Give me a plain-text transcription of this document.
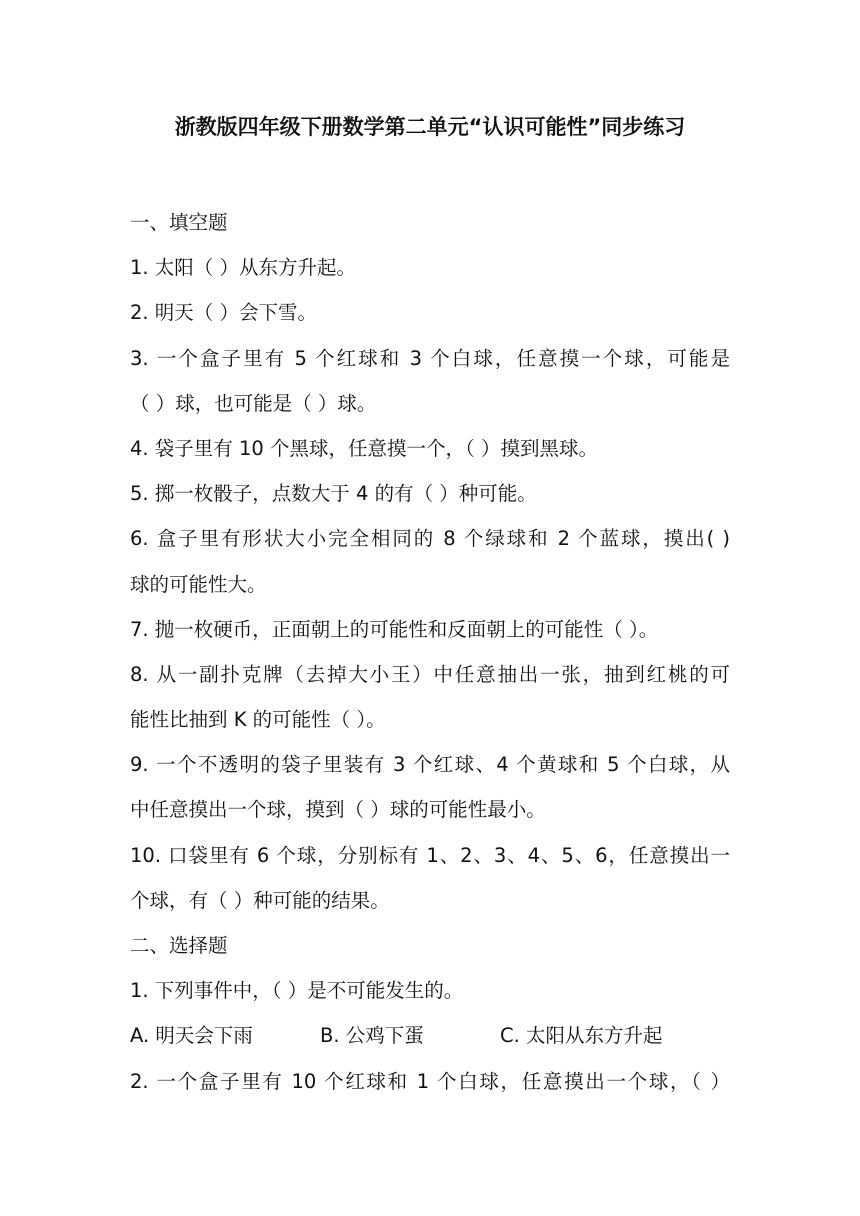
浙教版四年级下册数学第二单元“认识可能性”同步练习
一、填空题
1. 太阳（ ）从东方升起。
2. 明天（ ）会下雪。
3. 一个盒子里有 5 个红球和 3 个白球，任意摸一个球，可能是
（ ）球，也可能是（ ）球。
4. 袋子里有 10 个黑球，任意摸一个，（ ）摸到黑球。
5. 掷一枚骰子，点数大于 4 的有（ ）种可能。
6. 盒子里有形状大小完全相同的 8 个绿球和 2 个蓝球，摸出( )
球的可能性大。
7. 抛一枚硬币，正面朝上的可能性和反面朝上的可能性（ ）。
8. 从一副扑克牌（去掉大小王）中任意抽出一张，抽到红桃的可
能性比抽到 K 的可能性（ ）。
9. 一个不透明的袋子里装有 3 个红球、4 个黄球和 5 个白球，从
中任意摸出一个球，摸到（ ）球的可能性最小。
10. 口袋里有 6 个球，分别标有 1、2、3、4、5、6，任意摸出一
个球，有（ ）种可能的结果。
二、选择题
1. 下列事件中，（ ）是不可能发生的。
A. 明天会下雨	B. 公鸡下蛋	C. 太阳从东方升起
2. 一个盒子里有 10 个红球和 1 个白球，任意摸出一个球，（ ）
